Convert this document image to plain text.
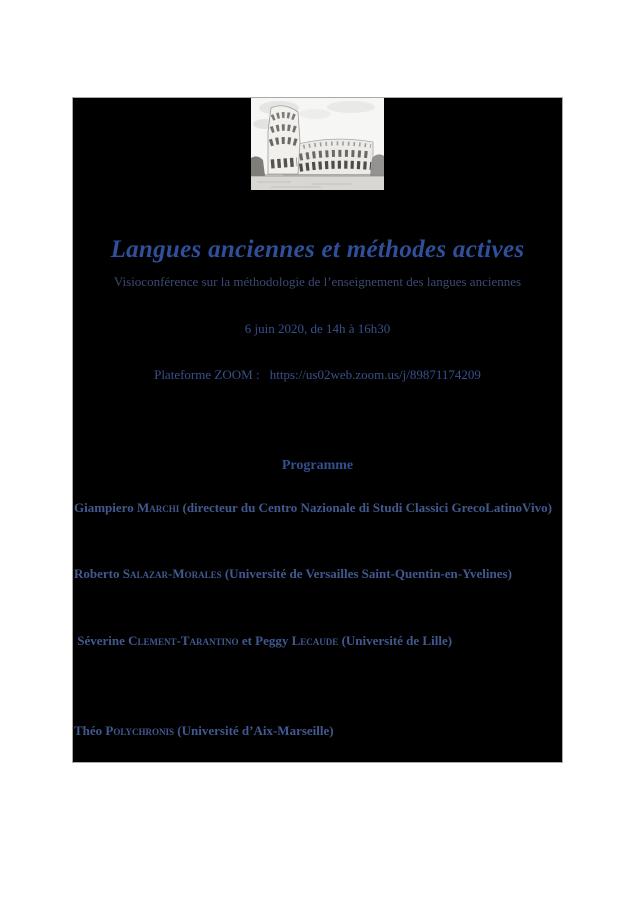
Langues anciennes et méthodes actives
Visioconférence sur la méthodologie de l’enseignement des langues anciennes
6 juin 2020, de 14h à 16h30
Plateforme ZOOM : https://us02web.zoom.us/j/89871174209
Programme
Giampiero Marchi (directeur du Centro Nazionale di Studi Classici GrecoLatinoVivo)
Roberto Salazar-Morales (Université de Versailles Saint-Quentin-en-Yvelines)
Séverine Clement-Tarantino et Peggy Lecaude (Université de Lille)
Théo Polychronis (Université d’Aix-Marseille)
